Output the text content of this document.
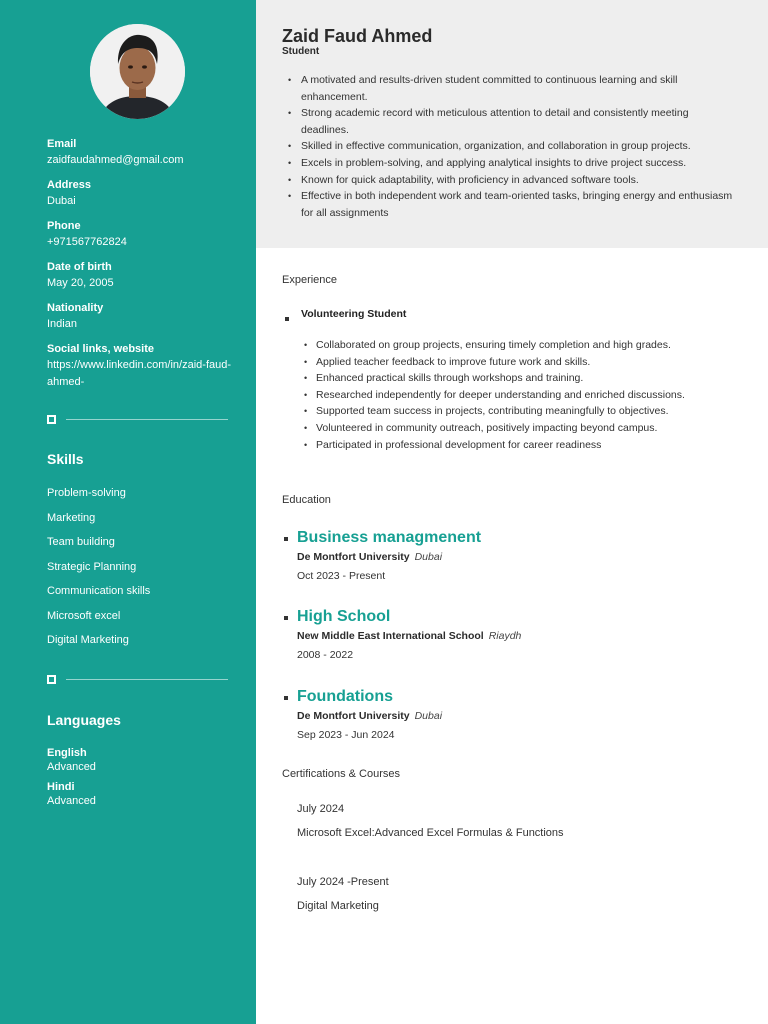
Email
zaidfaudahmed@gmail.com
Address
Dubai
Phone
+971567762824
Date of birth
May 20, 2005
Nationality
Indian
Social links, website
https://www.linkedin.com/in/zaid-faud-ahmed-
Skills
Problem-solving
Marketing
Team building
Strategic Planning
Communication skills
Microsoft excel
Digital Marketing
Languages
English
Advanced
Hindi
Advanced
Zaid Faud Ahmed
Student
• A motivated and results-driven student committed to continuous learning and skill enhancement.
• Strong academic record with meticulous attention to detail and consistently meeting deadlines.
• Skilled in effective communication, organization, and collaboration in group projects.
• Excels in problem-solving, and applying analytical insights to drive project success.
• Known for quick adaptability, with proficiency in advanced software tools.
• Effective in both independent work and team-oriented tasks, bringing energy and enthusiasm for all assignments
Experience
Volunteering Student
• Collaborated on group projects, ensuring timely completion and high grades.
• Applied teacher feedback to improve future work and skills.
• Enhanced practical skills through workshops and training.
• Researched independently for deeper understanding and enriched discussions.
• Supported team success in projects, contributing meaningfully to objectives.
• Volunteered in community outreach, positively impacting beyond campus.
• Participated in professional development for career readiness
Education
Business managmenent
De Montfort University Dubai
Oct 2023 - Present
High School
New Middle East International School Riaydh
2008 - 2022
Foundations
De Montfort University Dubai
Sep 2023 - Jun 2024
Certifications & Courses
July 2024
Microsoft Excel:Advanced Excel Formulas & Functions
July 2024 -Present
Digital Marketing
